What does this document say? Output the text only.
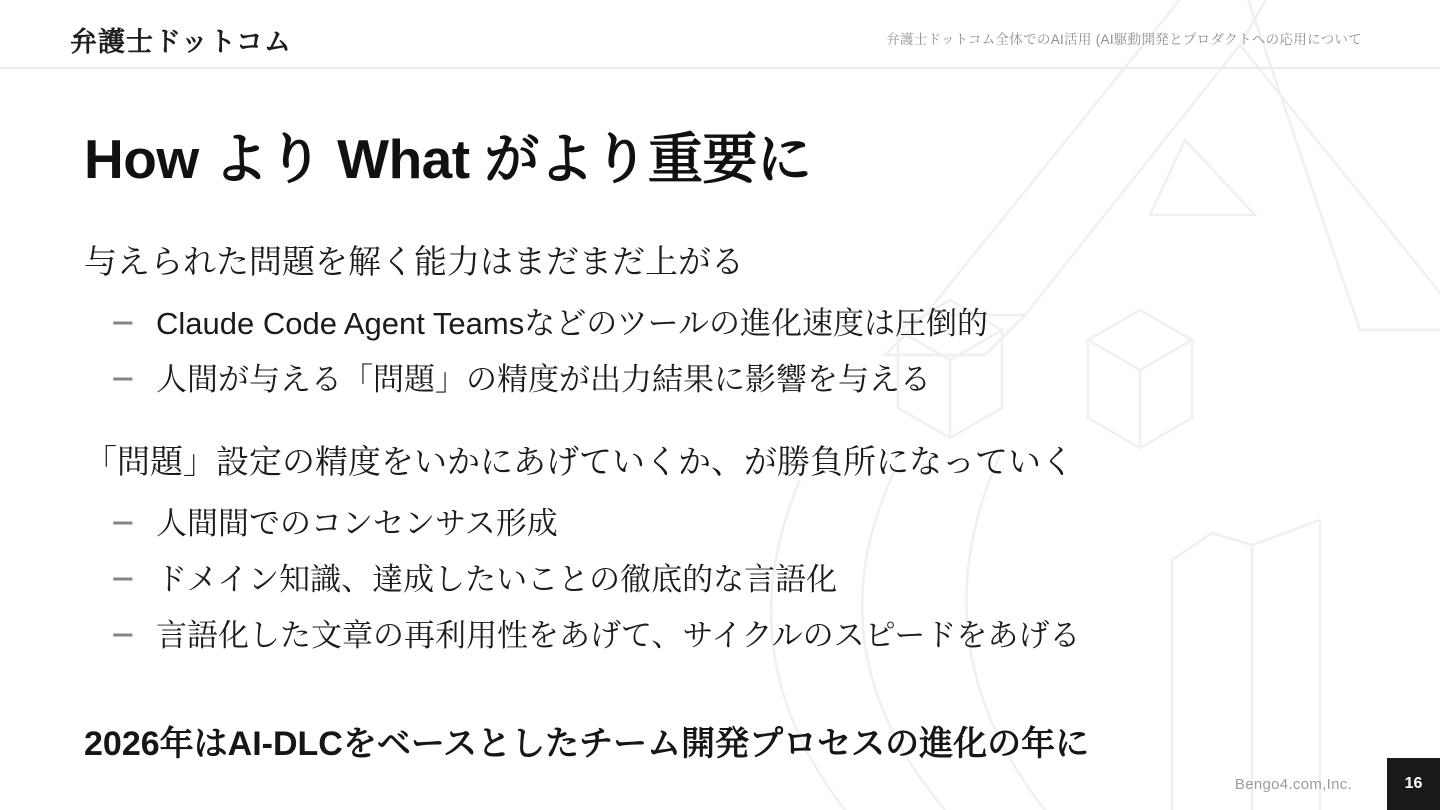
弁護士ドットコム	弁護士ドットコム全体でのAI活用 (AI駆動開発とプロダクトへの応用について
How より What がより重要に

与えられた問題を解く能力はまだまだ上がる

– Claude Code Agent Teamsなどのツールの進化速度は圧倒的
– 人間が与える「問題」の精度が出力結果に影響を与える

「問題」設定の精度をいかにあげていくか、が勝負所になっていく

– 人間間でのコンセンサス形成
– ドメイン知識、達成したいことの徹底的な言語化
– 言語化した文章の再利用性をあげて、サイクルのスピードをあげる

2026年はAI-DLCをベースとしたチーム開発プロセスの進化の年に

Bengo4.com,Inc.	16
